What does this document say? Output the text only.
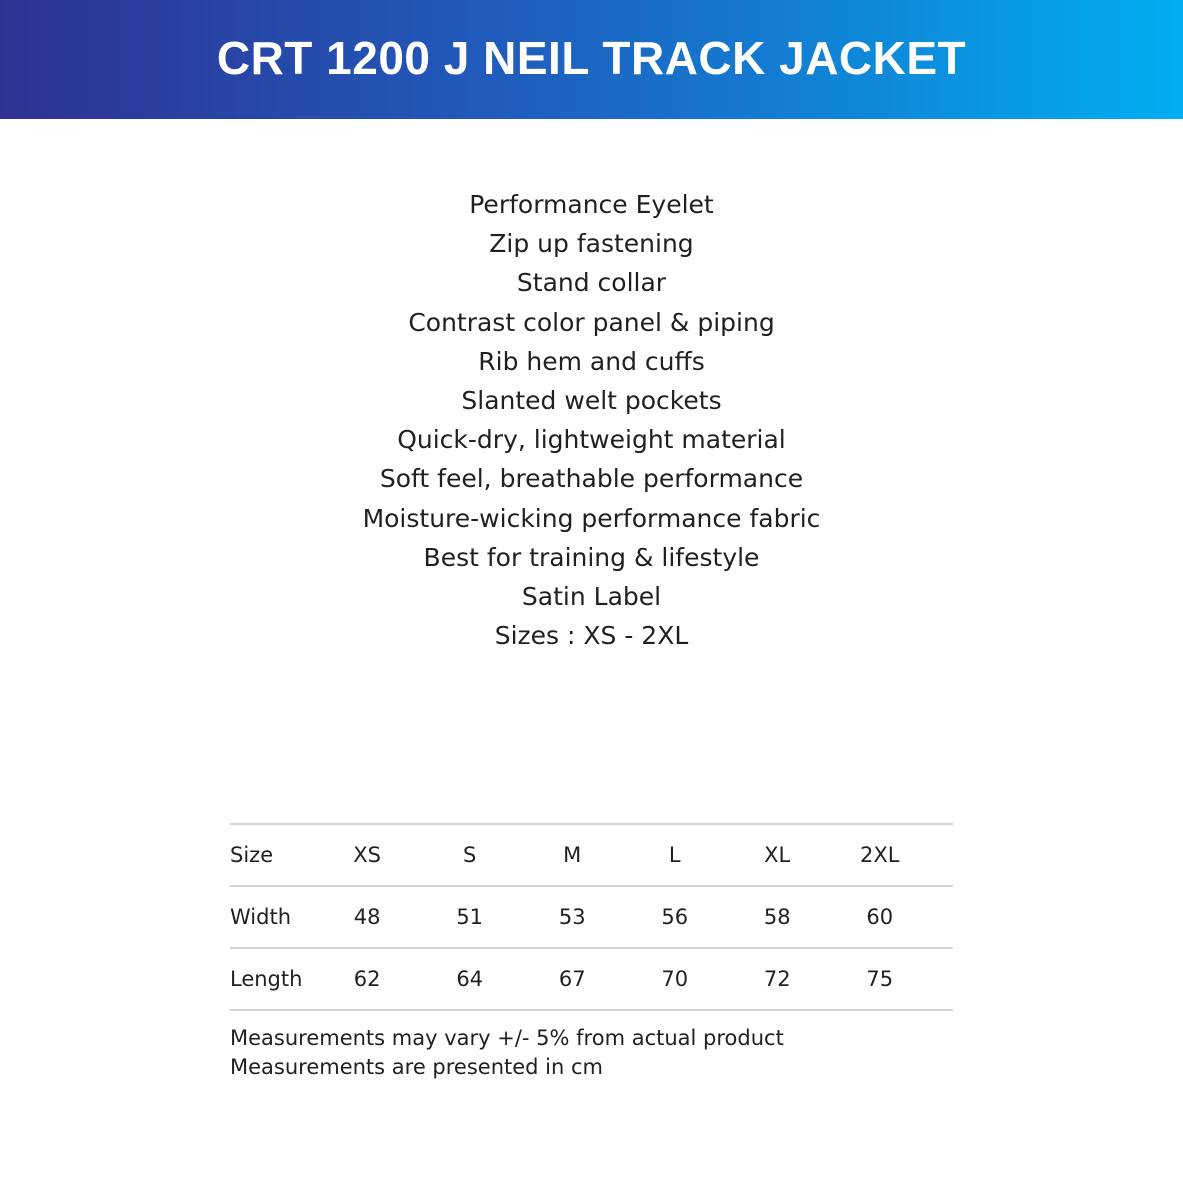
CRT 1200 J NEIL TRACK JACKET
Performance Eyelet
Zip up fastening
Stand collar
Contrast color panel & piping
Rib hem and cuffs
Slanted welt pockets
Quick-dry, lightweight material
Soft feel, breathable performance
Moisture-wicking performance fabric
Best for training & lifestyle
Satin Label
Sizes : XS - 2XL
Size	XS	S	M	L	XL	2XL	
Width	48	51	53	56	58	60	
Length	62	64	67	70	72	75	
Measurements may vary +/- 5% from actual product
Measurements are presented in cm
